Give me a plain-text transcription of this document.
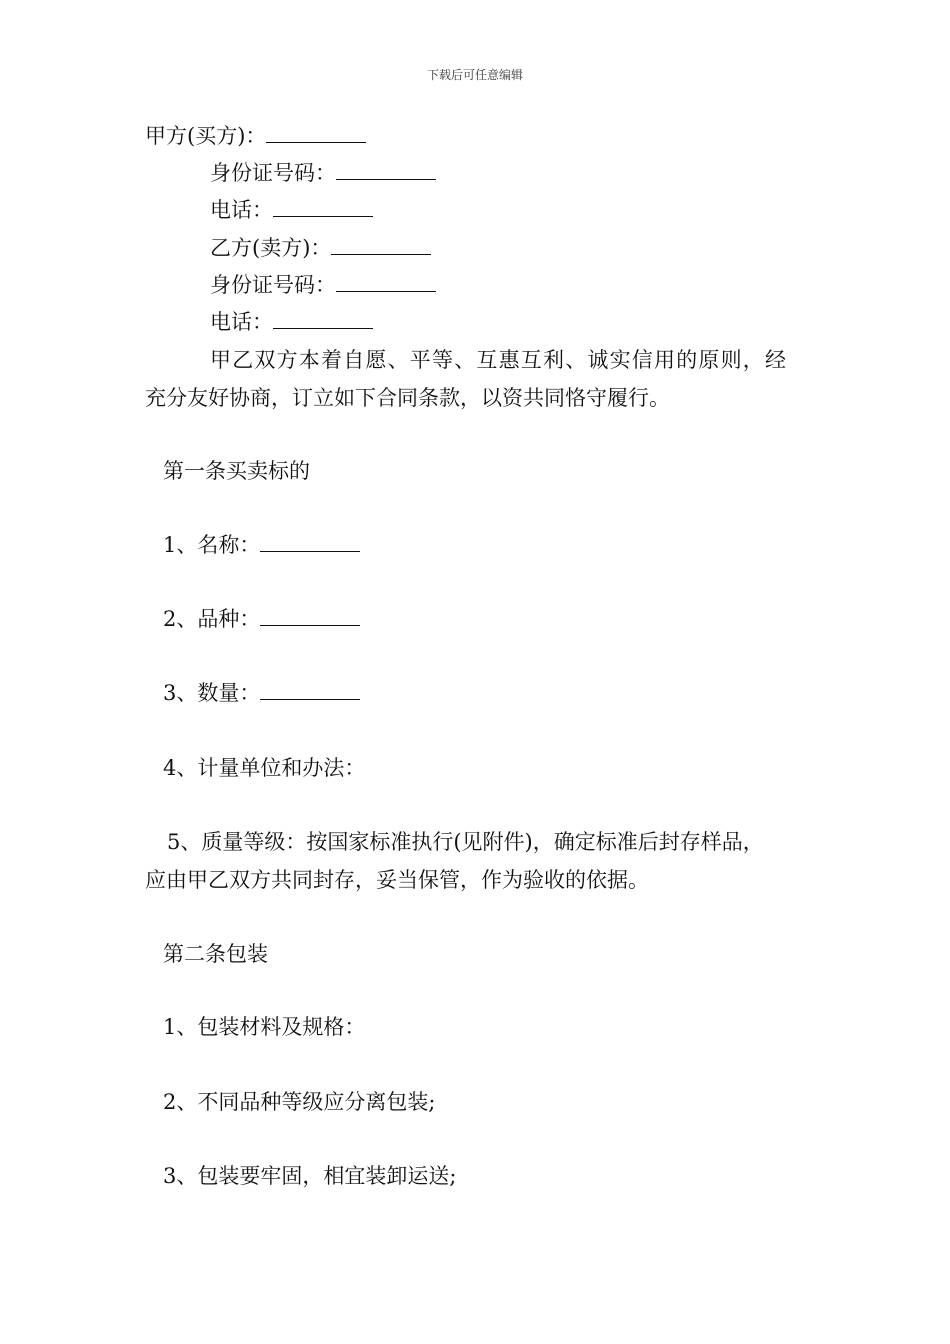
下载后可任意编辑
甲方(买方)：
身份证号码：
电话：
乙方(卖方)：
身份证号码：
电话：
甲乙双方本着自愿、平等、互惠互利、诚实信用的原则，经
充分友好协商，订立如下合同条款，以资共同恪守履行。
第一条买卖标的
1、名称：
2、品种：
3、数量：
4、计量单位和办法：
5、质量等级：按国家标准执行(见附件)，确定标准后封存样品，
应由甲乙双方共同封存，妥当保管，作为验收的依据。
第二条包装
1、包装材料及规格：
2、不同品种等级应分离包装;
3、包装要牢固，相宜装卸运送;
